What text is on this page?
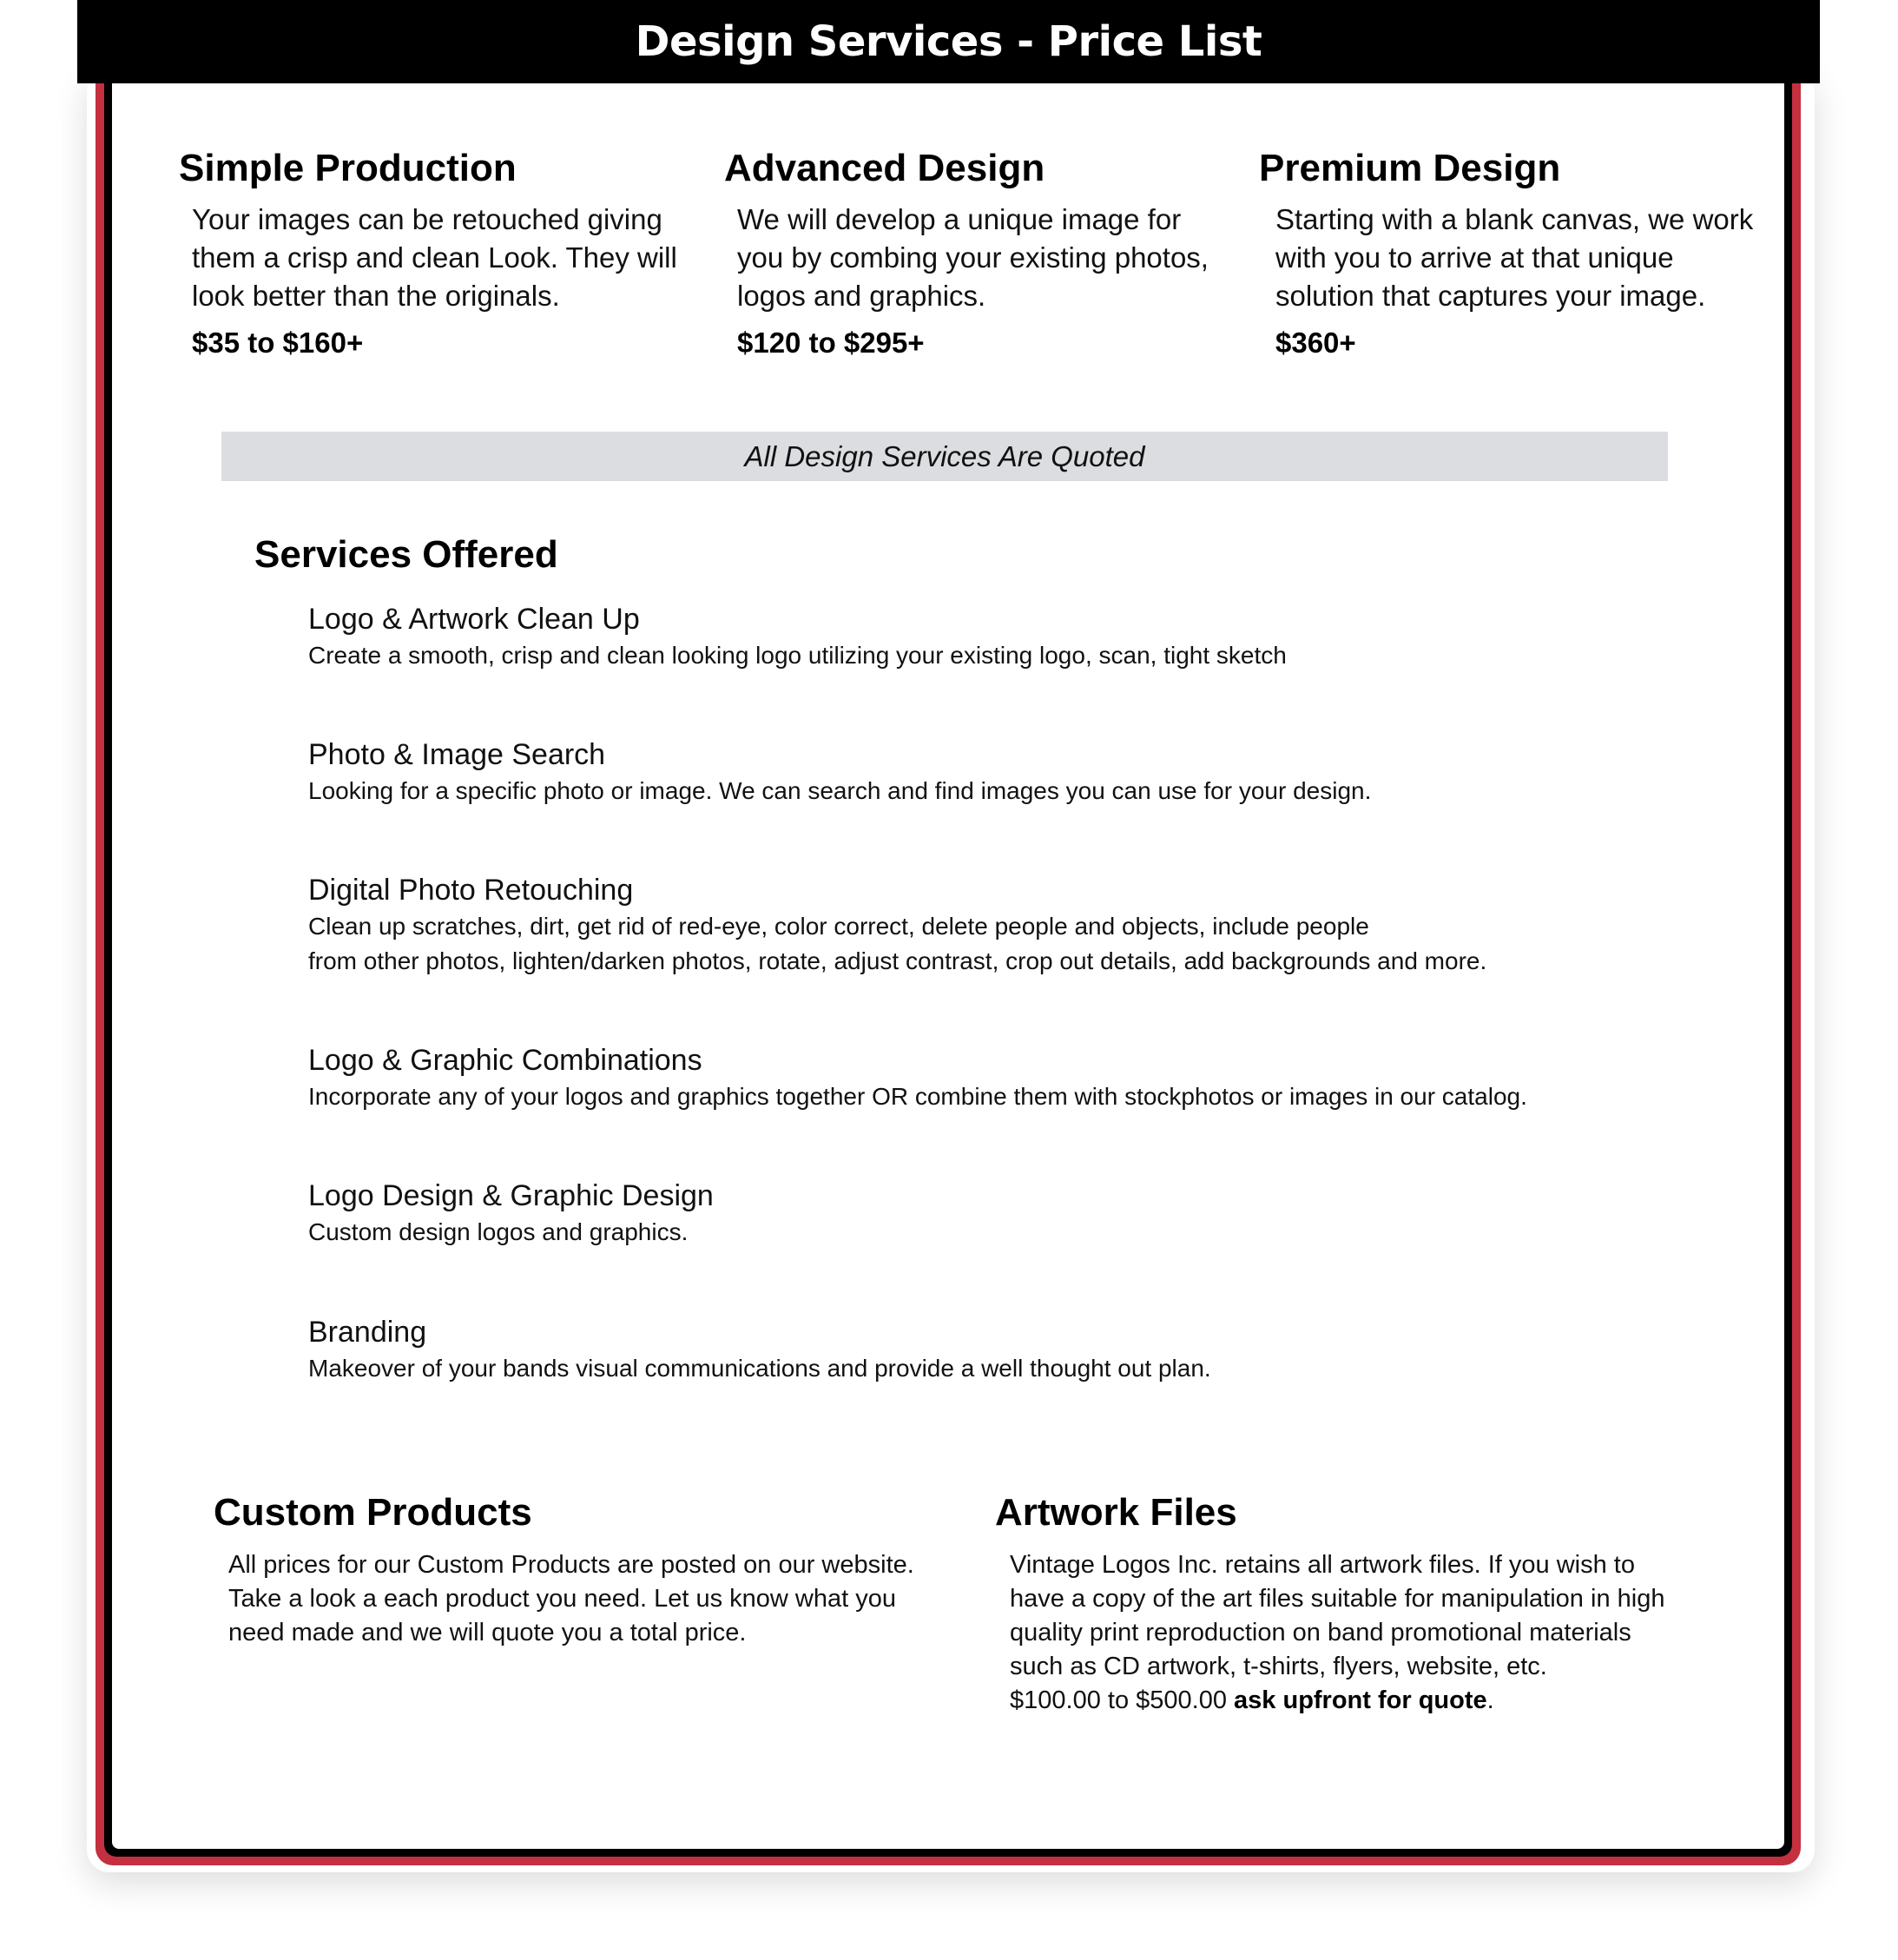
Design Services - Price List
Simple Production

Your images can be retouched giving them a crisp and clean Look. They will look better than the originals.

$35 to $160+

Advanced Design

We will develop a unique image for you by combing your existing photos, logos and graphics.

$120 to $295+

Premium Design

Starting with a blank canvas, we work with you to arrive at that unique solution that captures your image.

$360+

All Design Services Are Quoted
Services Offered
Logo & Artwork Clean Up
Create a smooth, crisp and clean looking logo utilizing your existing logo, scan, tight sketch
Photo & Image Search
Looking for a specific photo or image. We can search and find images you can use for your design.
Digital Photo Retouching
Clean up scratches, dirt, get rid of red-eye, color correct, delete people and objects, include people
from other photos, lighten/darken photos, rotate, adjust contrast, crop out details, add backgrounds and more.
Logo & Graphic Combinations
Incorporate any of your logos and graphics together OR combine them with stockphotos or images in our catalog.
Logo Design & Graphic Design
Custom design logos and graphics.
Branding
Makeover of your bands visual communications and provide a well thought out plan.
Custom Products

All prices for our Custom Products are posted on our website. Take a look a each product you need. Let us know what you need made and we will quote you a total price.

Artwork Files

Vintage Logos Inc. retains all artwork files. If you wish to have a copy of the art files suitable for manipulation in high quality print reproduction on band promotional materials such as CD artwork, t-shirts, flyers, website, etc.

$100.00 to $500.00 ask upfront for quote.
